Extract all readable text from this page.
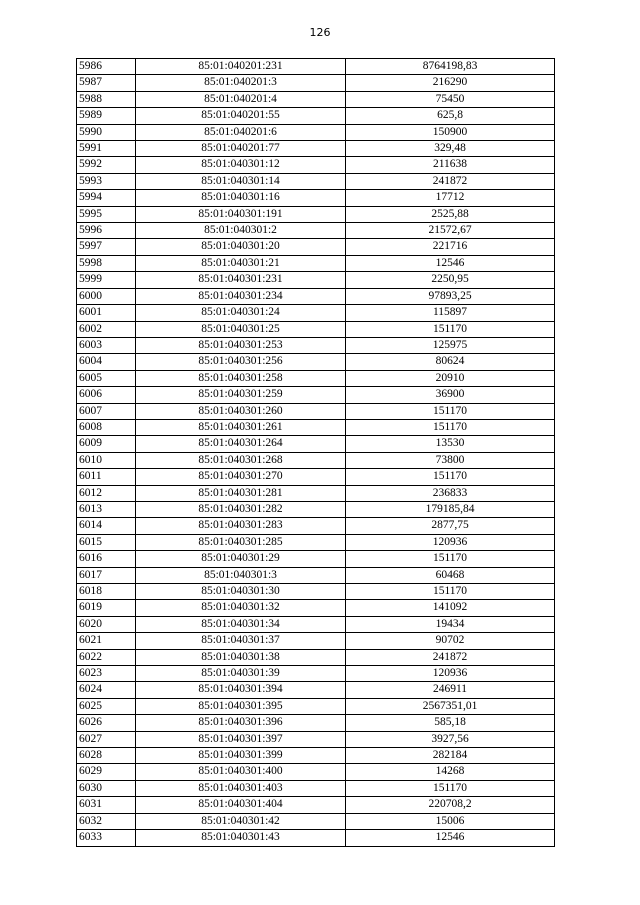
126
5986	85:01:040201:231	8764198,83
5987	85:01:040201:3	216290
5988	85:01:040201:4	75450
5989	85:01:040201:55	625,8
5990	85:01:040201:6	150900
5991	85:01:040201:77	329,48
5992	85:01:040301:12	211638
5993	85:01:040301:14	241872
5994	85:01:040301:16	17712
5995	85:01:040301:191	2525,88
5996	85:01:040301:2	21572,67
5997	85:01:040301:20	221716
5998	85:01:040301:21	12546
5999	85:01:040301:231	2250,95
6000	85:01:040301:234	97893,25
6001	85:01:040301:24	115897
6002	85:01:040301:25	151170
6003	85:01:040301:253	125975
6004	85:01:040301:256	80624
6005	85:01:040301:258	20910
6006	85:01:040301:259	36900
6007	85:01:040301:260	151170
6008	85:01:040301:261	151170
6009	85:01:040301:264	13530
6010	85:01:040301:268	73800
6011	85:01:040301:270	151170
6012	85:01:040301:281	236833
6013	85:01:040301:282	179185,84
6014	85:01:040301:283	2877,75
6015	85:01:040301:285	120936
6016	85:01:040301:29	151170
6017	85:01:040301:3	60468
6018	85:01:040301:30	151170
6019	85:01:040301:32	141092
6020	85:01:040301:34	19434
6021	85:01:040301:37	90702
6022	85:01:040301:38	241872
6023	85:01:040301:39	120936
6024	85:01:040301:394	246911
6025	85:01:040301:395	2567351,01
6026	85:01:040301:396	585,18
6027	85:01:040301:397	3927,56
6028	85:01:040301:399	282184
6029	85:01:040301:400	14268
6030	85:01:040301:403	151170
6031	85:01:040301:404	220708,2
6032	85:01:040301:42	15006
6033	85:01:040301:43	12546
